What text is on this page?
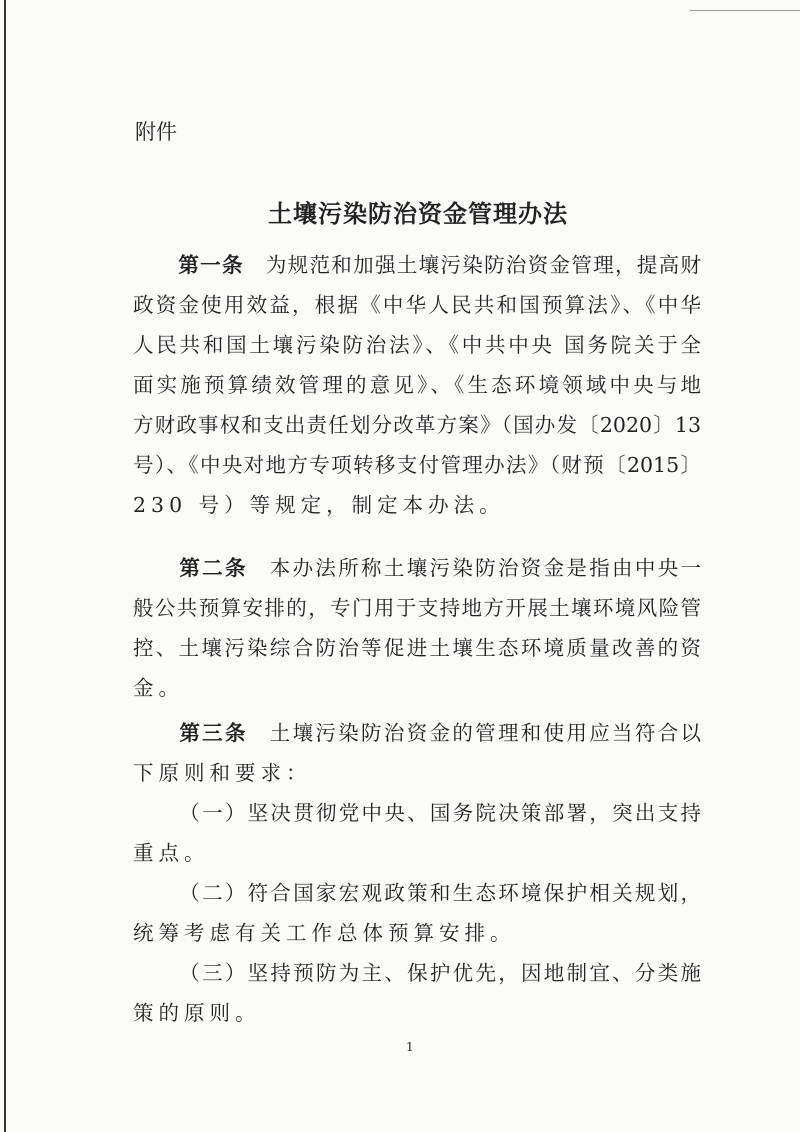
附件
土壤污染防治资金管理办法
第一条 为规范和加强土壤污染防治资金管理，提高财
政资金使用效益，根据《中华人民共和国预算法》、《中华
人民共和国土壤污染防治法》、《中共中央 国务院关于全
面实施预算绩效管理的意见》、《生态环境领域中央与地
方财政事权和支出责任划分改革方案》（国办发〔2020〕13
号）、《中央对地方专项转移支付管理办法》（财预〔2015〕
230 号）等规定，制定本办法。
第二条 本办法所称土壤污染防治资金是指由中央一
般公共预算安排的，专门用于支持地方开展土壤环境风险管
控、土壤污染综合防治等促进土壤生态环境质量改善的资
金。
第三条 土壤污染防治资金的管理和使用应当符合以
下原则和要求：
（一）坚决贯彻党中央、国务院决策部署，突出支持
重点。
（二）符合国家宏观政策和生态环境保护相关规划，
统筹考虑有关工作总体预算安排。
（三）坚持预防为主、保护优先，因地制宜、分类施
策的原则。
1
